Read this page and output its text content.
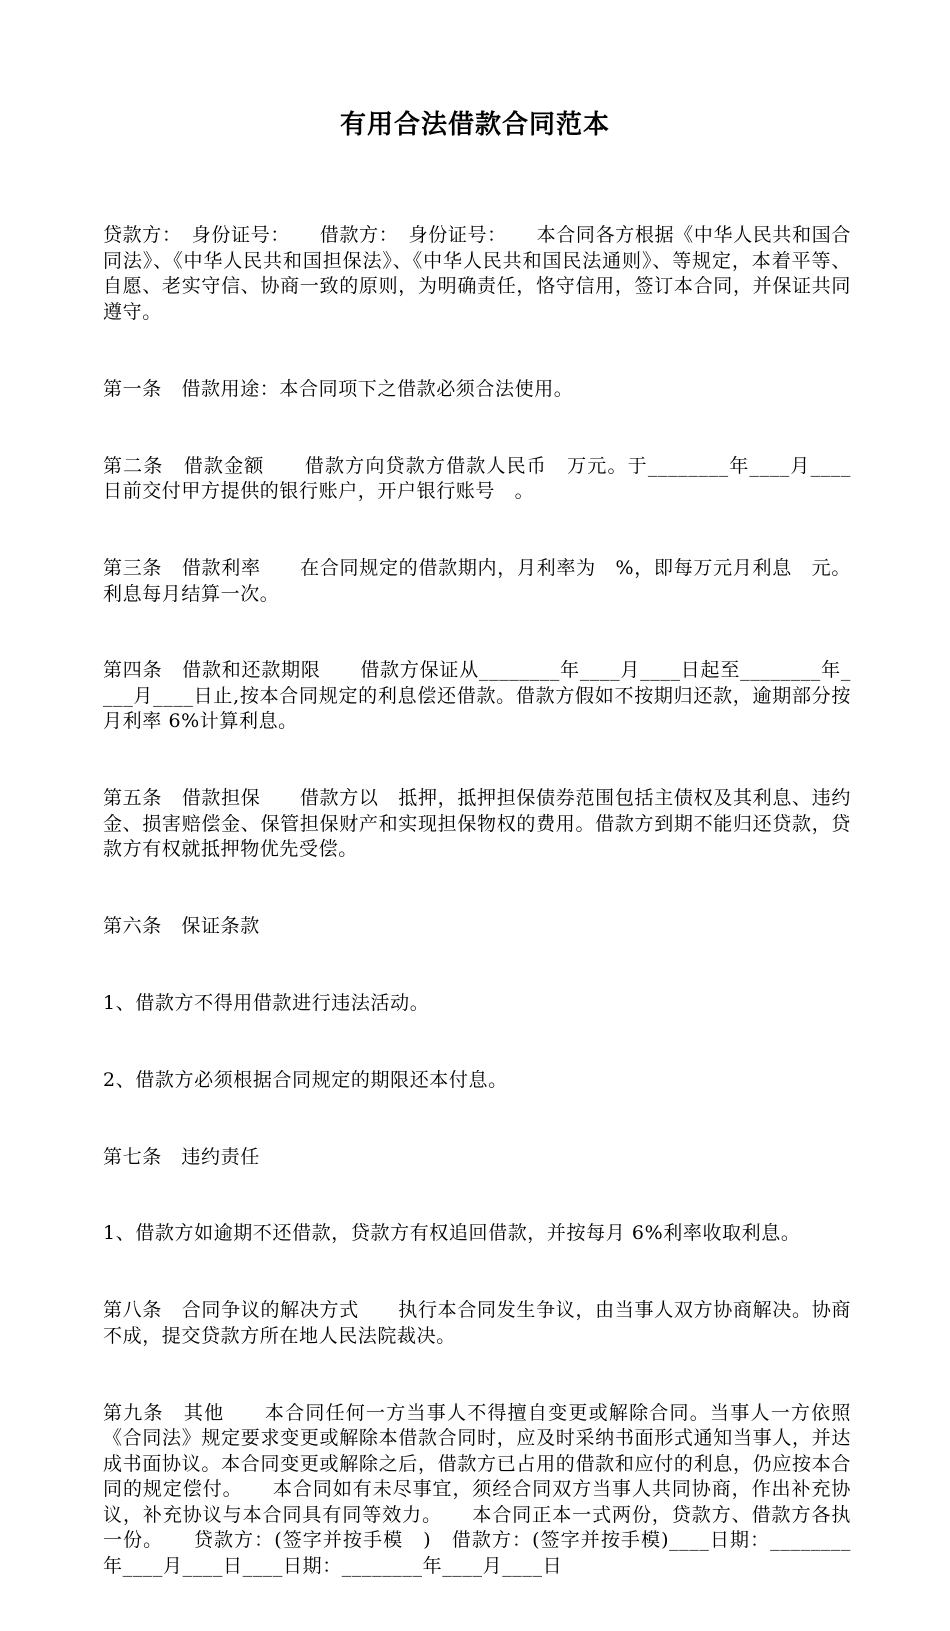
有用合法借款合同范本

贷款方：　身份证号：　　借款方：　身份证号：　　本合同各方根据《中华人民共和国合同法》、《中华人民共和国担保法》、《中华人民共和国民法通则》、等规定，本着平等、自愿、老实守信、协商一致的原则，为明确责任，恪守信用，签订本合同，并保证共同遵守。

第一条　借款用途：本合同项下之借款必须合法使用。

第二条　借款金额　　借款方向贷款方借款人民币　万元。于________年____月____日前交付甲方提供的银行账户，开户银行账号　。

第三条　借款利率　　在合同规定的借款期内，月利率为　%，即每万元月利息　元。利息每月结算一次。

第四条　借款和还款期限　　借款方保证从________年____月____日起至________年____月____日止,按本合同规定的利息偿还借款。借款方假如不按期归还款，逾期部分按月利率 6%计算利息。

第五条　借款担保　　借款方以　抵押，抵押担保债券范围包括主债权及其利息、违约金、损害赔偿金、保管担保财产和实现担保物权的费用。借款方到期不能归还贷款，贷款方有权就抵押物优先受偿。

第六条　保证条款

1、借款方不得用借款进行违法活动。

2、借款方必须根据合同规定的期限还本付息。

第七条　违约责任

1、借款方如逾期不还借款，贷款方有权追回借款，并按每月 6%利率收取利息。

第八条　合同争议的解决方式　　执行本合同发生争议，由当事人双方协商解决。协商不成，提交贷款方所在地人民法院裁决。

第九条　其他　　本合同任何一方当事人不得擅自变更或解除合同。当事人一方依照《合同法》规定要求变更或解除本借款合同时，应及时采纳书面形式通知当事人，并达成书面协议。本合同变更或解除之后，借款方已占用的借款和应付的利息，仍应按本合同的规定偿付。　　本合同如有未尽事宜，须经合同双方当事人共同协商，作出补充协议，补充协议与本合同具有同等效力。　　本合同正本一式两份，贷款方、借款方各执一份。　　贷款方：(签字并按手模　)　借款方：(签字并按手模)____日期：________年____月____日____日期：________年____月____日
